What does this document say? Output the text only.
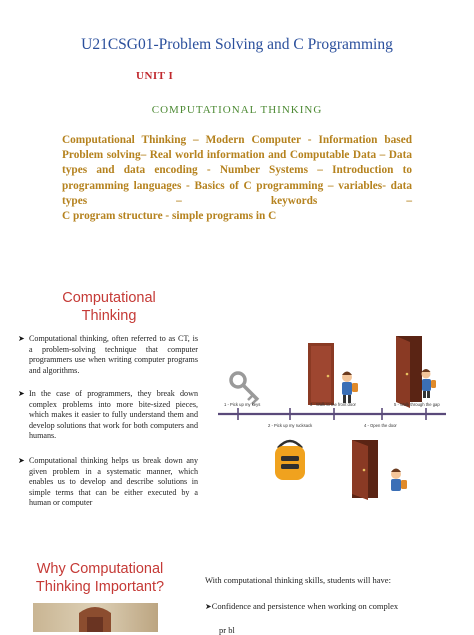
U21CSG01-Problem Solving and C Programming
UNIT I
COMPUTATIONAL THINKING
Computational Thinking – Modern Computer - Information based Problem solving– Real world information and Computable Data – Data types and data encoding - Number Systems – Introduction to programming languages - Basics of C programming – variables- data types – keywords –
C program structure - simple programs in C
Computational Thinking
➤ Computational thinking, often referred to as CT, is a problem-solving technique that computer programmers use when writing computer programs and algorithms.
➤ In the case of programmers, they break down complex problems into more bite-sized pieces, which makes it easier to fully understand them and develop solutions that work for both computers and humans.
➤ Computational thinking helps us break down any given problem in a systematic manner, which enables us to develop and describe solutions in simple terms that can be either executed by a human or computer
1 - Pick up my keys	3 - Walk to the front door	5 - Walk through the gap
2 - Pick up my rucksack	4 - Open the door
Why Computational Thinking Important?	With computational thinking skills, students will have:
➤Confidence and persistence when working on complex
pr bl
